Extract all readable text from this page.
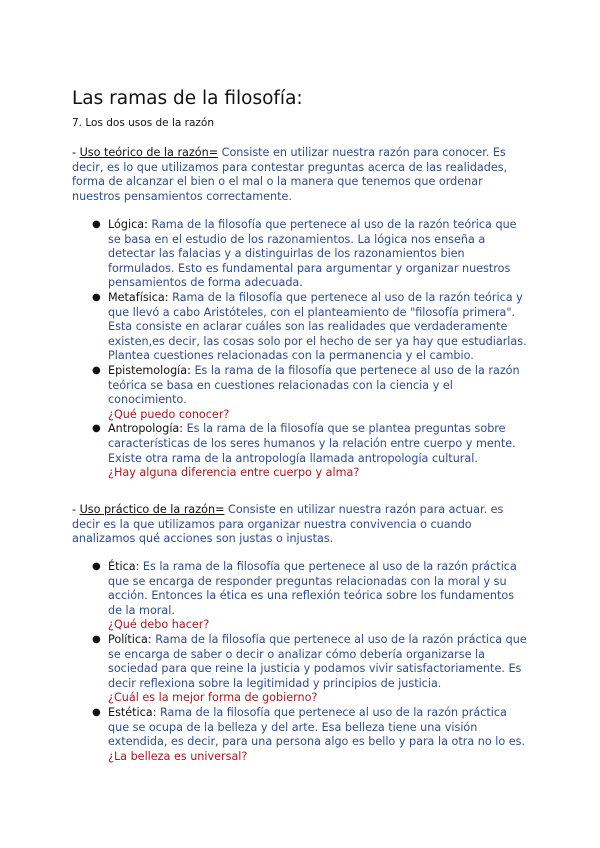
Las ramas de la filosofía:

7. Los dos usos de la razón

- Uso teórico de la razón= Consiste en utilizar nuestra razón para conocer. Es decir, es lo que utilizamos para contestar preguntas acerca de las realidades, forma de alcanzar el bien o el mal o la manera que tenemos que ordenar nuestros pensamientos correctamente.

● Lógica: Rama de la filosofía que pertenece al uso de la razón teórica que se basa en el estudio de los razonamientos. La lógica nos enseña a detectar las falacias y a distinguirlas de los razonamientos bien formulados. Esto es fundamental para argumentar y organizar nuestros pensamientos de forma adecuada.
● Metafísica: Rama de la filosofía que pertenece al uso de la razón teórica y que llevó a cabo Aristóteles, con el planteamiento de "filosofía primera". Esta consiste en aclarar cuáles son las realidades que verdaderamente existen,es decir, las cosas solo por el hecho de ser ya hay que estudiarlas. Plantea cuestiones relacionadas con la permanencia y el cambio.
● Epistemología: Es la rama de la filosofía que pertenece al uso de la razón teórica se basa en cuestiones relacionadas con la ciencia y el conocimiento.
¿Qué puedo conocer?
● Antropología: Es la rama de la filosofía que se plantea preguntas sobre características de los seres humanos y la relación entre cuerpo y mente. Existe otra rama de la antropología llamada antropología cultural.
¿Hay alguna diferencia entre cuerpo y alma?

- Uso práctico de la razón= Consiste en utilizar nuestra razón para actuar. es decir es la que utilizamos para organizar nuestra convivencia o cuando analizamos qué acciones son justas o injustas.

● Ética: Es la rama de la filosofía que pertenece al uso de la razón práctica que se encarga de responder preguntas relacionadas con la moral y su acción. Entonces la ética es una reflexión teórica sobre los fundamentos de la moral.
¿Qué debo hacer?
● Política: Rama de la filosofía que pertenece al uso de la razón práctica que se encarga de saber o decir o analizar cómo debería organizarse la sociedad para que reine la justicia y podamos vivir satisfactoriamente. Es decir reflexiona sobre la legitimidad y principios de justicia.
¿Cuál es la mejor forma de gobierno?
● Estética: Rama de la filosofía que pertenece al uso de la razón práctica que se ocupa de la belleza y del arte. Esa belleza tiene una visión extendida, es decir, para una persona algo es bello y para la otra no lo es.
¿La belleza es universal?
